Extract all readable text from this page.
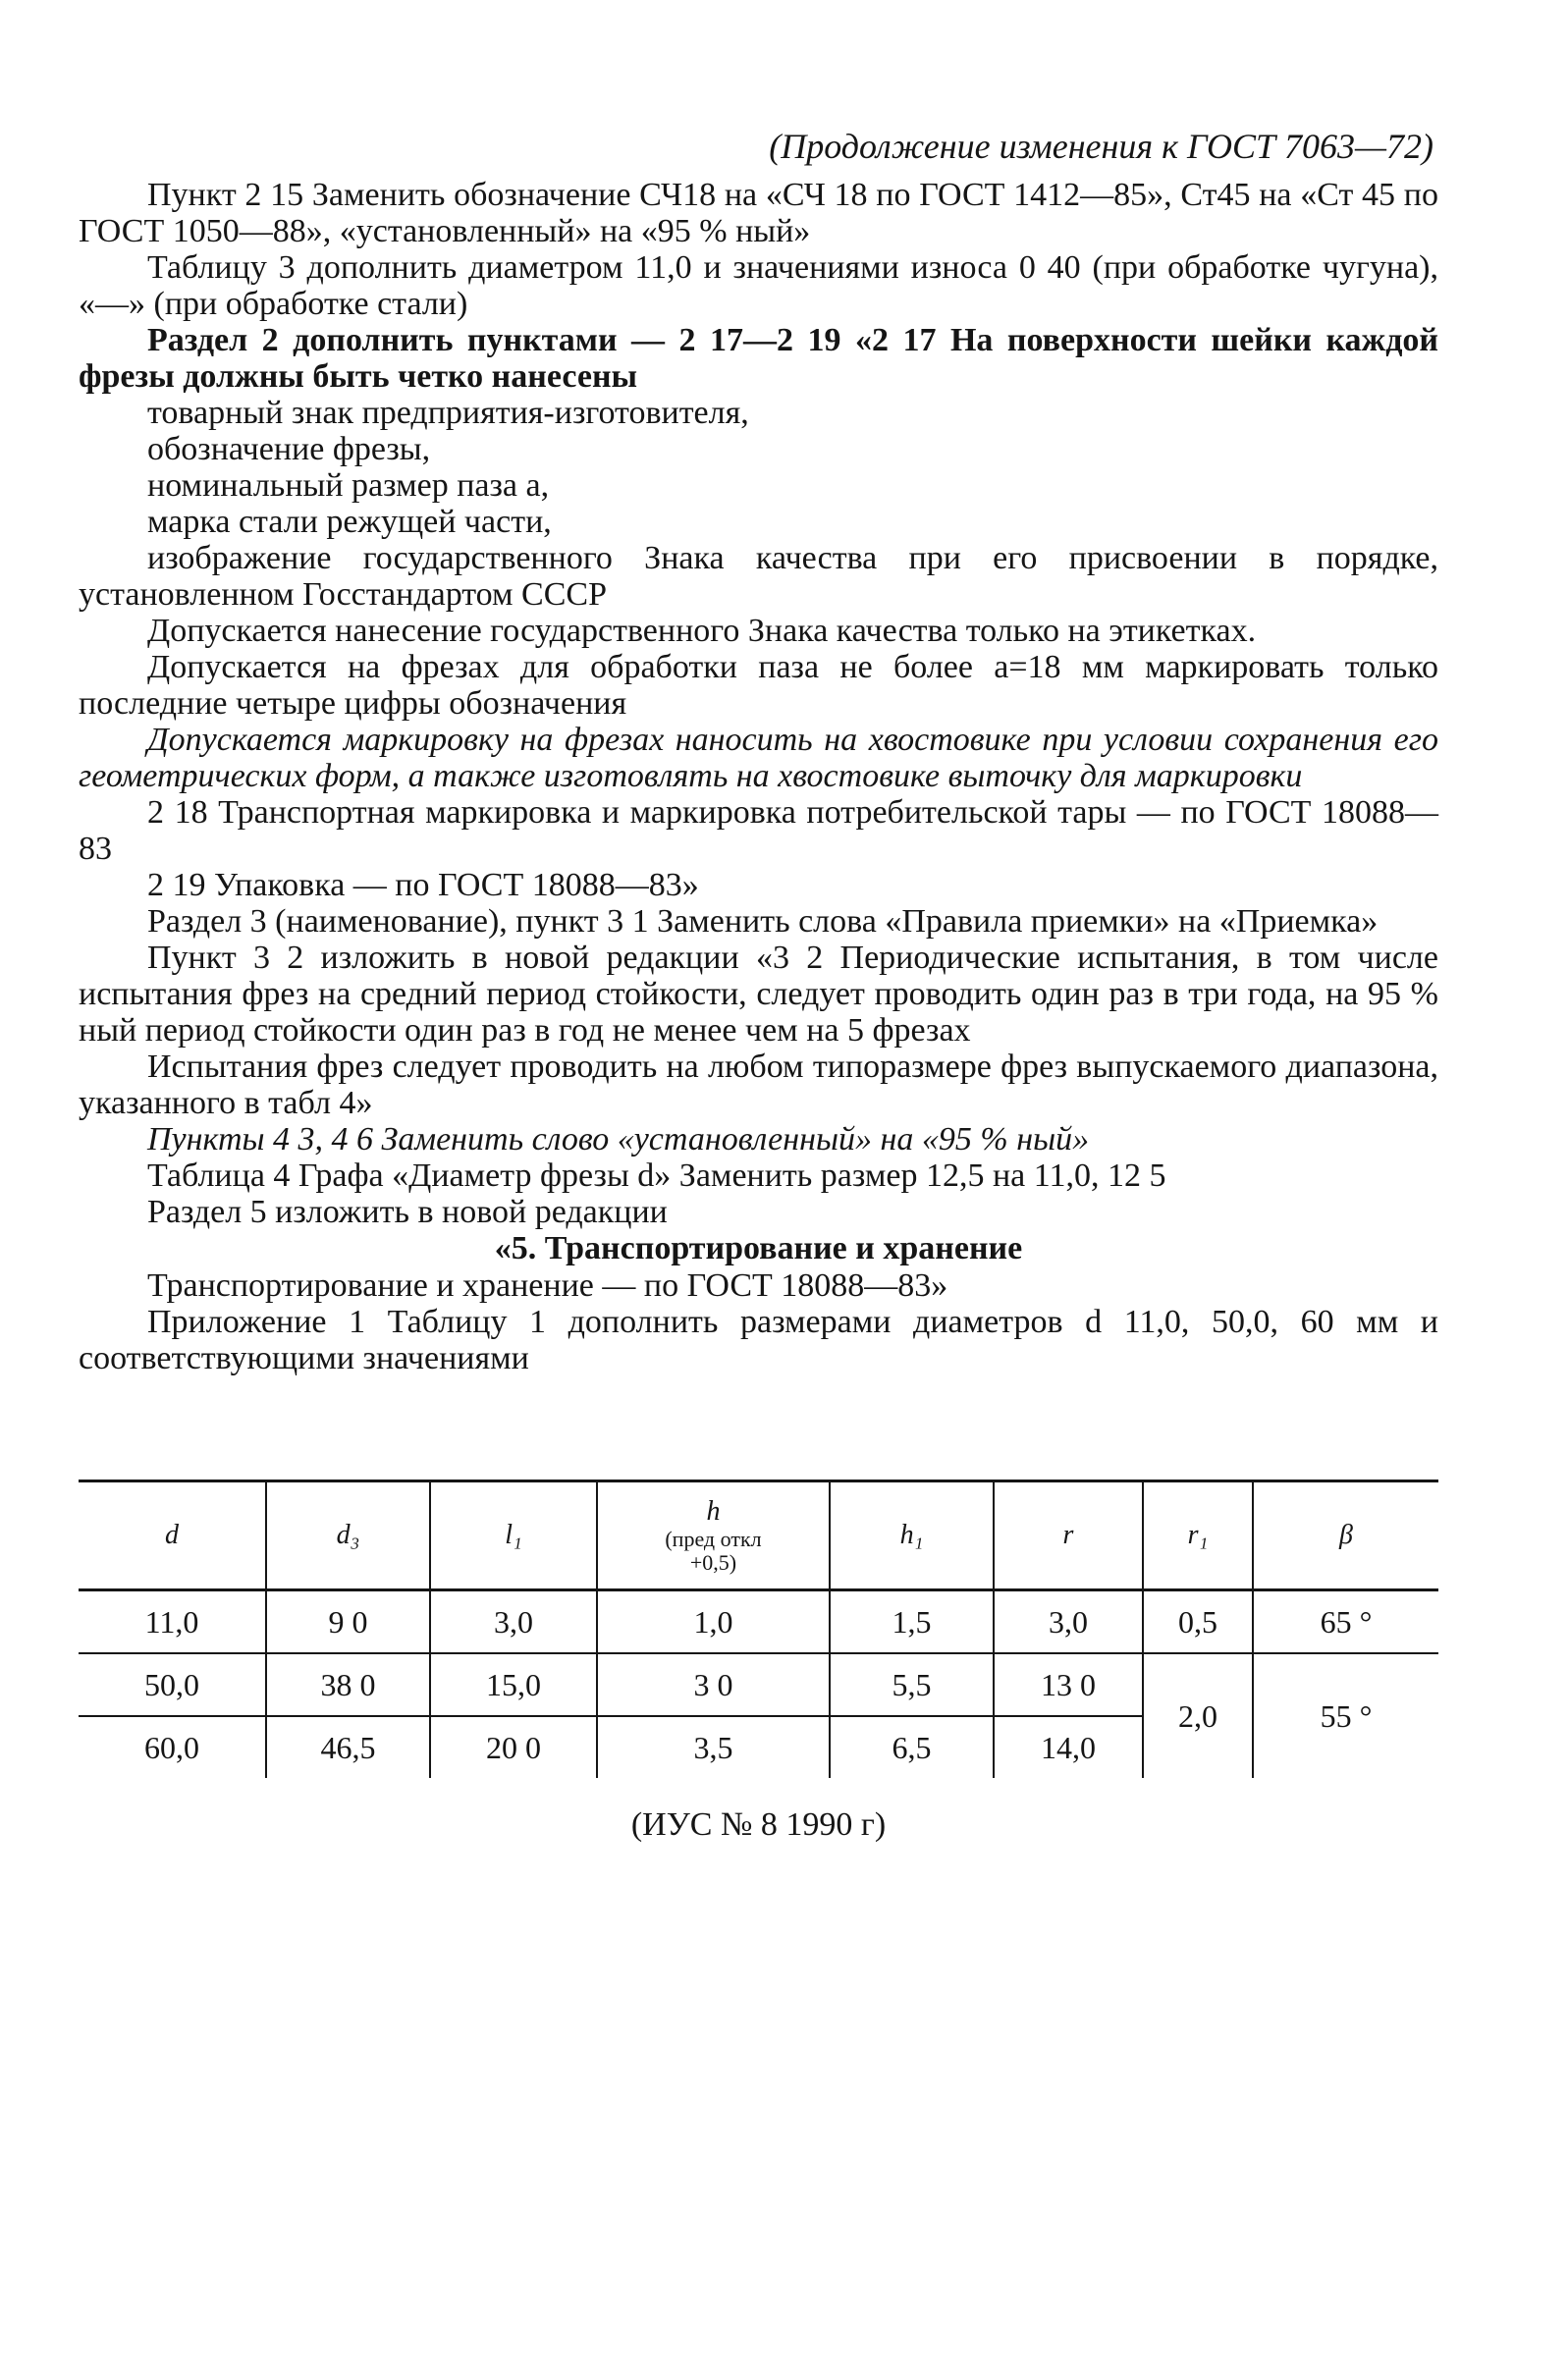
(Продолжение изменения к ГОСТ 7063—72)

Пункт 2 15 Заменить обозначение СЧ18 на «СЧ 18 по ГОСТ 1412—85», Ст45 на «Ст 45 по ГОСТ 1050—88», «установленный» на «95 % ный»

Таблицу 3 дополнить диаметром 11,0 и значениями износа 0 40 (при обработке чугуна), «—» (при обработке стали)

Раздел 2 дополнить пунктами — 2 17—2 19 «2 17 На поверхности шейки каждой фрезы должны быть четко нанесены

товарный знак предприятия-изготовителя,

обозначение фрезы,

номинальный размер паза a,

марка стали режущей части,

изображение государственного Знака качества при его присвоении в порядке, установленном Госстандартом СССР

Допускается нанесение государственного Знака качества только на этикетках.

Допускается на фрезах для обработки паза не более a=18 мм маркировать только последние четыре цифры обозначения

Допускается маркировку на фрезах наносить на хвостовике при условии сохранения его геометрических форм, а также изготовлять на хвостовике выточку для маркировки

2 18 Транспортная маркировка и маркировка потребительской тары — по ГОСТ 18088—83

2 19 Упаковка — по ГОСТ 18088—83»

Раздел 3 (наименование), пункт 3 1 Заменить слова «Правила приемки» на «Приемка»

Пункт 3 2 изложить в новой редакции «3 2 Периодические испытания, в том числе испытания фрез на средний период стойкости, следует проводить один раз в три года, на 95 % ный период стойкости один раз в год не менее чем на 5 фрезах

Испытания фрез следует проводить на любом типоразмере фрез выпускаемого диапазона, указанного в табл 4»

Пункты 4 3, 4 6 Заменить слово «установленный» на «95 % ный»

Таблица 4 Графа «Диаметр фрезы d» Заменить размер 12,5 на 11,0, 12 5

Раздел 5 изложить в новой редакции

«5. Транспортирование и хранение

Транспортирование и хранение — по ГОСТ 18088—83»

Приложение 1 Таблицу 1 дополнить размерами диаметров d 11,0, 50,0, 60 мм и соответствующими значениями

d	d₃	l₁	h
(пред откл
+0,5)	h₁	r	r₁	β
11,0	9 0	3,0	1,0	1,5	3,0	0,5	65 °
50,0	38 0	15,0	3 0	5,5	13 0	2,0	55 °
60,0	46,5	20 0	3,5	6,5	14,0		
(ИУС № 8 1990 г)
